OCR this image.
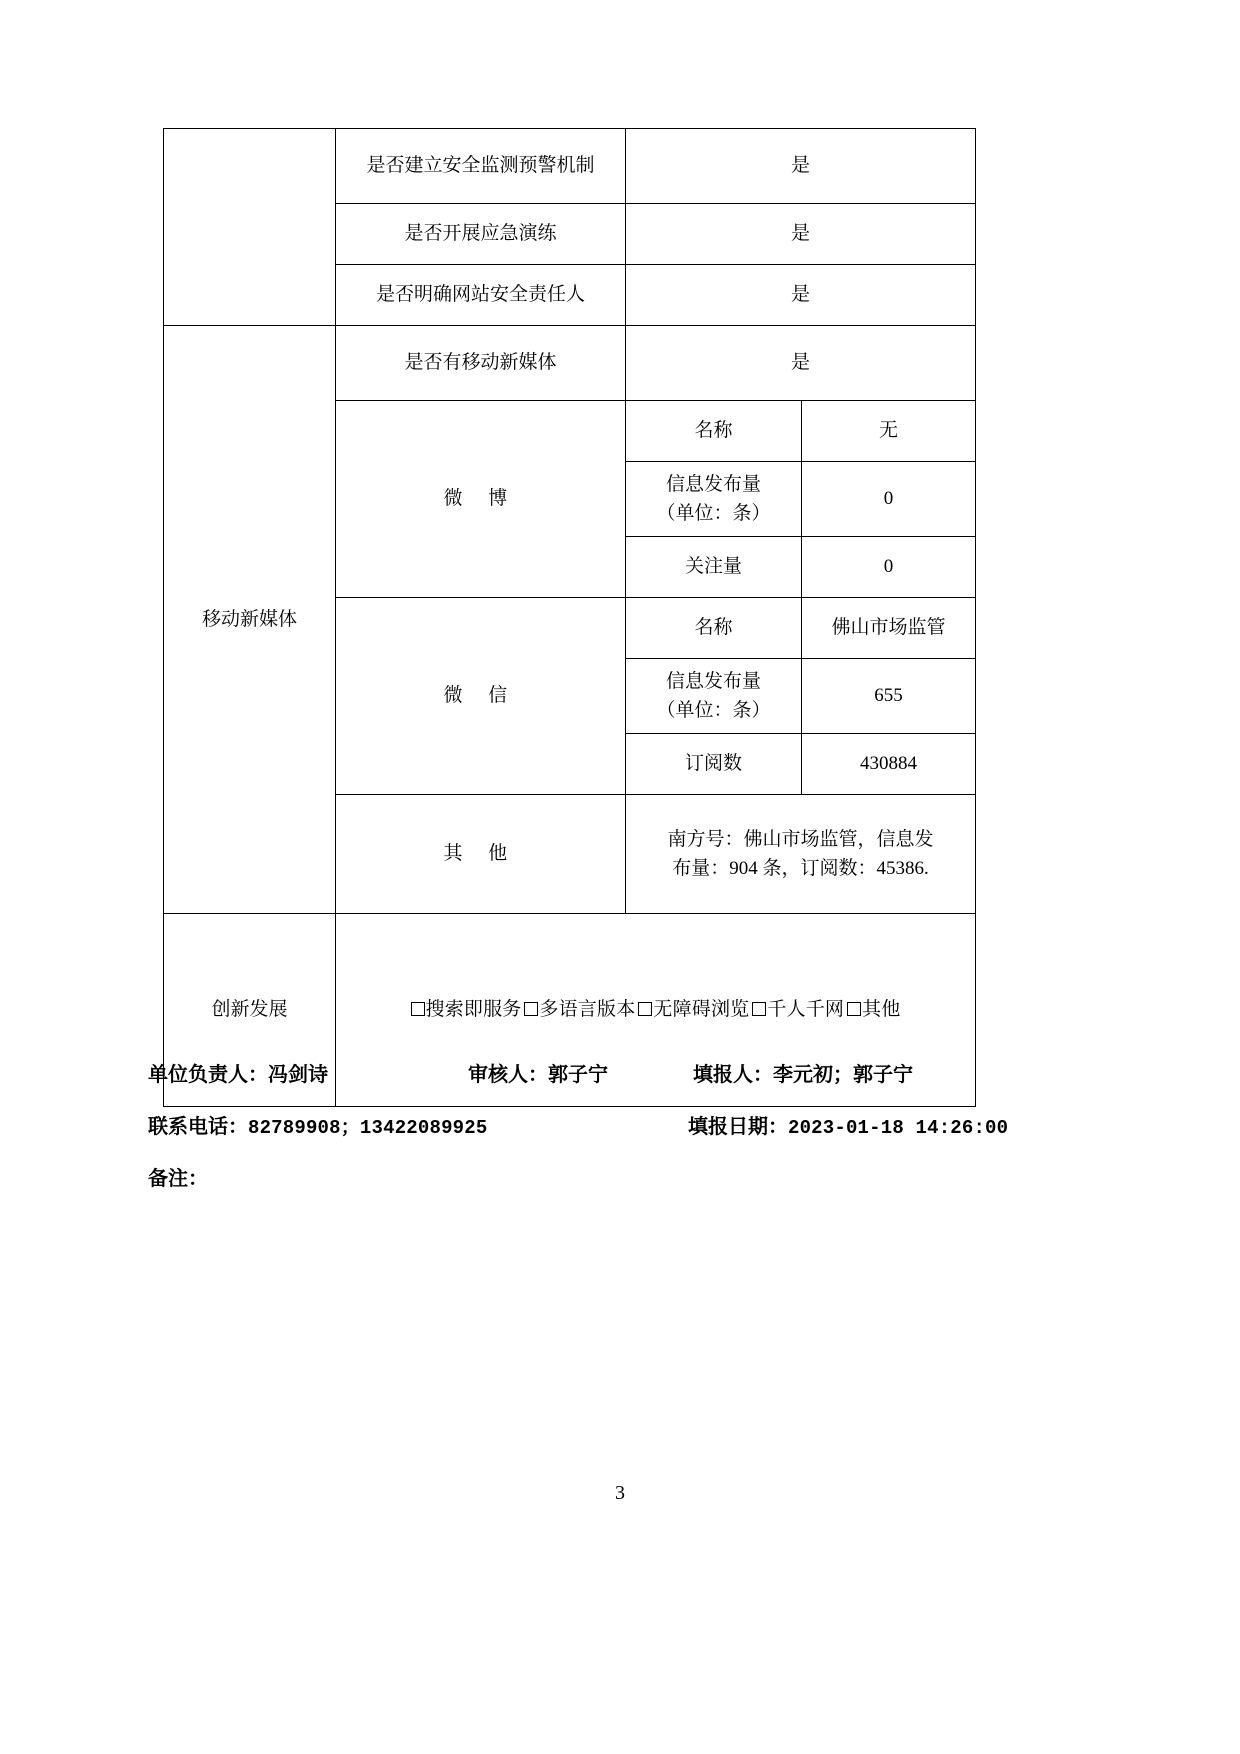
	是否建立安全监测预警机制	是	
	是否开展应急演练	是	
	是否明确网站安全责任人	是	
移动新媒体	是否有移动新媒体	是	
	微 博	名称	无

		信息发布量
（单位：条）	0
		关注量	0
	微 信	名称	佛山市场监管

		信息发布量
（单位：条）	655
		订阅数	430884
	其 他	南方号：佛山市场监管，信息发
布量：904 条，订阅数：45386.	

创新发展	搜索即服务 多语言版本 无障碍浏览 千人千网 其他		
单位负责人：冯剑诗	审核人：郭子宁	填报人：李元初；郭子宁
联系电话：82789908；13422089925	填报日期：2023-01-18 14:26:00
备注：
3
